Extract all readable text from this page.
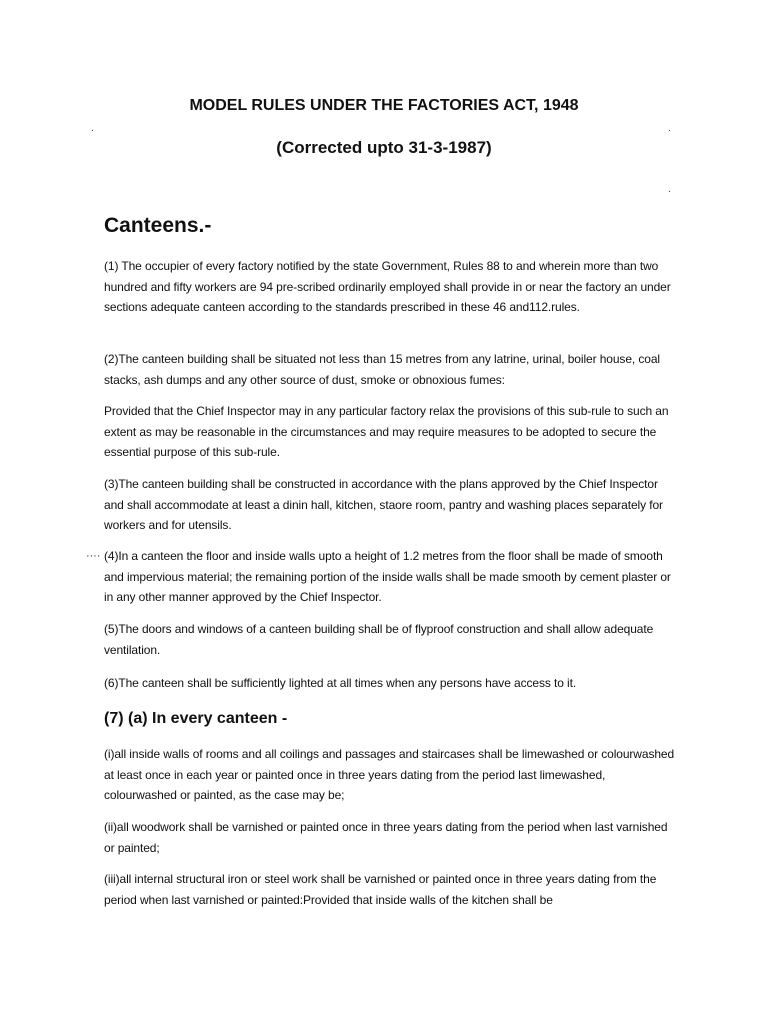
MODEL RULES UNDER THE FACTORIES ACT, 1948
.	.
(Corrected upto 31-3-1987)
.
Canteens.-

(1) The occupier of every factory notified by the state Government, Rules 88 to and wherein more than two hundred and fifty workers are 94 pre-scribed ordinarily employed shall provide in or near the factory an under sections adequate canteen according to the standards prescribed in these 46 and112.rules.

(2)The canteen building shall be situated not less than 15 metres from any latrine, urinal, boiler house, coal stacks, ash dumps and any other source of dust, smoke or obnoxious fumes:

Provided that the Chief Inspector may in any particular factory relax the provisions of this sub-rule to such an extent as may be reasonable in the circumstances and may require measures to be adopted to secure the essential purpose of this sub-rule.

(3)The canteen building shall be constructed in accordance with the plans approved by the Chief Inspector and shall accommodate at least a dinin hall, kitchen, staore room, pantry and washing places separately for workers and for utensils.

···· (4)In a canteen the floor and inside walls upto a height of 1.2 metres from the floor shall be made of smooth and impervious material; the remaining portion of the inside walls shall be made smooth by cement plaster or in any other manner approved by the Chief Inspector.

(5)The doors and windows of a canteen building shall be of flyproof construction and shall allow adequate ventilation.

(6)The canteen shall be sufficiently lighted at all times when any persons have access to it.

(7) (a) In every canteen -

(i)all inside walls of rooms and all coilings and passages and staircases shall be limewashed or colourwashed at least once in each year or painted once in three years dating from the period last limewashed, colourwashed or painted, as the case may be;

(ii)all woodwork shall be varnished or painted once in three years dating from the period when last varnished or painted;

(iii)all internal structural iron or steel work shall be varnished or painted once in three years dating from the period when last varnished or painted:Provided that inside walls of the kitchen shall be
